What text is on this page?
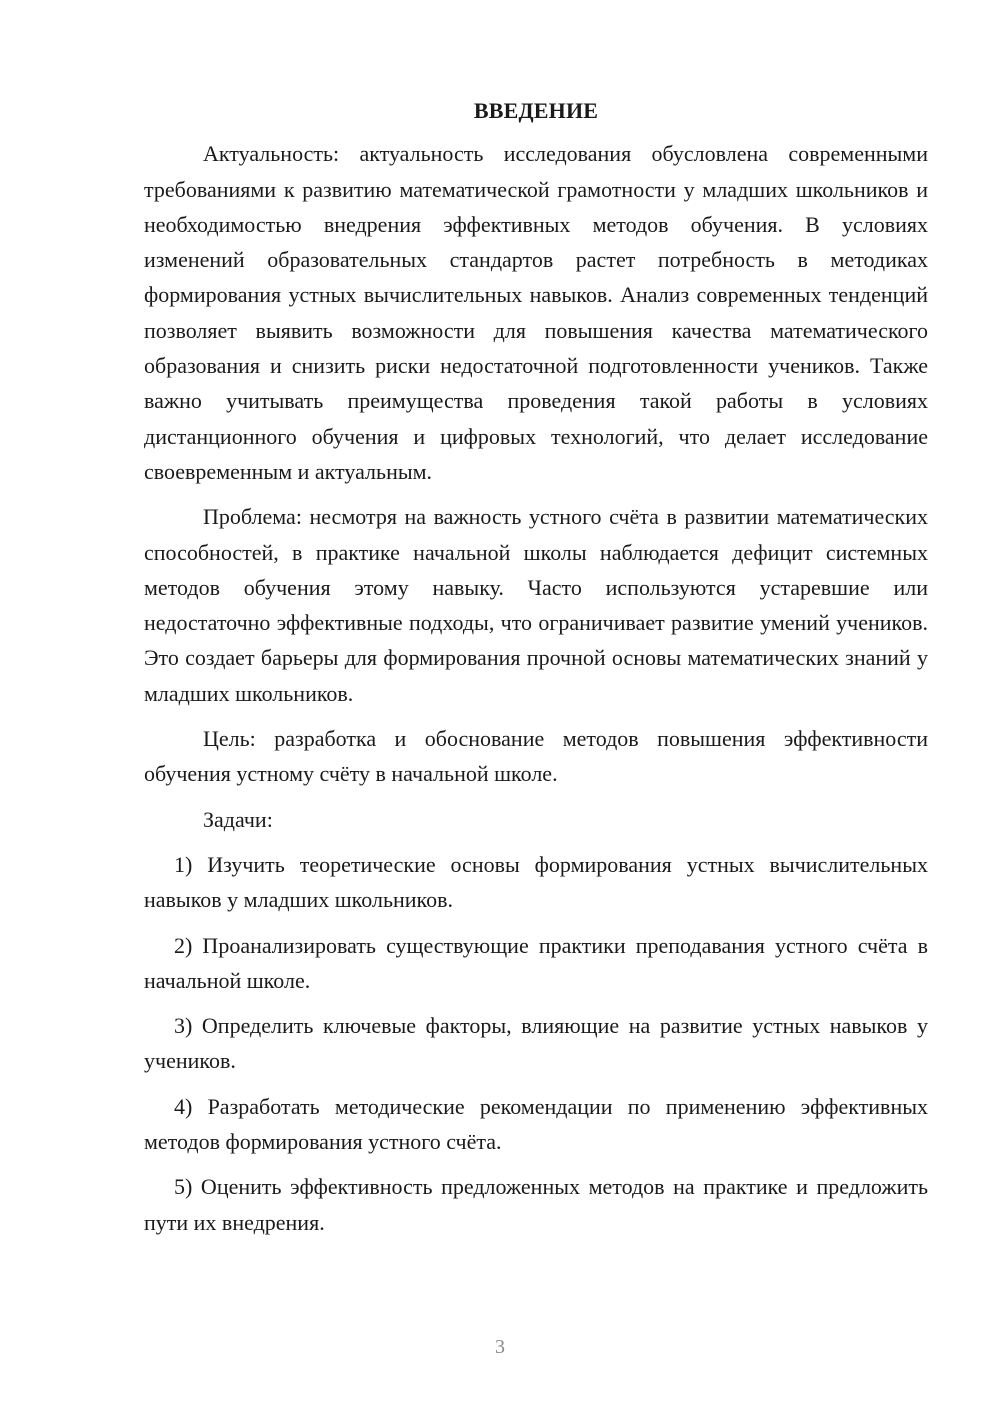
ВВЕДЕНИЕ

Актуальность: актуальность исследования обусловлена современными требованиями к развитию математической грамотности у младших школьников и необходимостью внедрения эффективных методов обучения. В условиях изменений образовательных стандартов растет потребность в методиках формирования устных вычислительных навыков. Анализ современных тенденций позволяет выявить возможности для повышения качества математического образования и снизить риски недостаточной подготовленности учеников. Также важно учитывать преимущества проведения такой работы в условиях дистанционного обучения и цифровых технологий, что делает исследование своевременным и актуальным.

Проблема: несмотря на важность устного счёта в развитии математических способностей, в практике начальной школы наблюдается дефицит системных методов обучения этому навыку. Часто используются устаревшие или недостаточно эффективные подходы, что ограничивает развитие умений учеников. Это создает барьеры для формирования прочной основы математических знаний у младших школьников.

Цель: разработка и обоснование методов повышения эффективности обучения устному счёту в начальной школе.

Задачи:

1) Изучить теоретические основы формирования устных вычислительных навыков у младших школьников.

2) Проанализировать существующие практики преподавания устного счёта в начальной школе.

3) Определить ключевые факторы, влияющие на развитие устных навыков у учеников.

4) Разработать методические рекомендации по применению эффективных методов формирования устного счёта.

5) Оценить эффективность предложенных методов на практике и предложить пути их внедрения.

3
